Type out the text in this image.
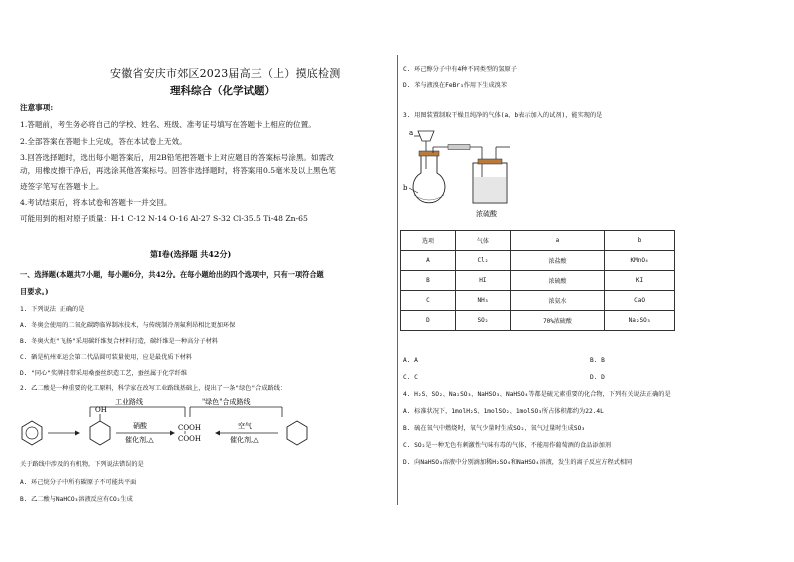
安徽省安庆市郊区2023届高三（上）摸底检测
理科综合（化学试题）
注意事项:
1.答题前，考生务必将自己的学校、姓名、班级、准考证号填写在答题卡上相应的位置。
2.全部答案在答题卡上完成，答在本试卷上无效。
3.回答选择题时，选出每小题答案后，用2B铅笔把答题卡上对应题目的答案标号涂黑。如需改
动，用橡皮擦干净后，再选涂其他答案标号。回答非选择题时，将答案用0.5毫米及以上黑色笔
迹签字笔写在答题卡上。
4.考试结束后，将本试卷和答题卡一并交回。
可能用到的相对原子质量：H-1 C-12 N-14 O-16 Al-27 S-32 Cl-35.5 Ti-48 Zn-65
第Ⅰ卷(选择题 共42分)
一、选择题(本题共7小题，每小题6分，共42分。在每小题给出的四个选项中，只有一项符合题
目要求。)
1. 下列说法 正确的是
A. 冬奥会使用的二氧化碳跨临界制冰技术，与传统制冷剂氟利昂相比更加环保
B. 冬奥火炬"飞扬"采用碳纤维复合材料打造，碳纤维是一种高分子材料
C. 硒是杭州亚运会第二代晶圆可装量使用，应是最优质下材料
D. "同心"奖牌挂带采用桑蚕丝织造工艺，蚕丝属于化学纤维
2. 乙二酸是一种重要的化工原料，科学家在改写工业路线基础上，提出了一条"绿色"合成路线：
工业路线	"绿色"合成路线
OH
硝酸
催化剂,△
COOH
COOH
空气
催化剂,△
关于路线中涉及的有机物，下列说法错误的是
A. 环己烷分子中所有碳原子不可能共平面
B. 乙二酸与NaHCO₃溶液反应有CO₂生成
C. 环己醇分子中有4种不同类型的氢原子
D. 苯与液溴在FeBr₃作用下生成溴苯
3. 用图装置制取干燥且纯净的气体(a、b表示加入的试剂)，能实现的是
a
b
浓硫酸
选项	气体	a	b
A	Cl₂	浓盐酸	KMnO₄
B	HI	浓硫酸	KI
C	NH₃	浓氨水	CaO
D	SO₂	70%浓硫酸	Na₂SO₃
A. A	B. B
C. C	D. D
4. H₂S、SO₂、Na₂SO₃、NaHSO₃、NaHSO₄等都是硫元素重要的化合物，下列有关说法正确的是
A. 标准状况下，1molH₂S、1molSO₂、1molSO₃所占体积都约为22.4L
B. 硫在氧气中燃烧时，氧气少量时生成SO₂，氧气过量时生成SO₃
C. SO₂是一种无色有刺激性气味有毒的气体，不能用作葡萄酒的食品添加剂
D. 向NaHSO₃溶液中分别滴加稀H₂SO₄和NaHSO₄溶液，发生的离子反应方程式相同
